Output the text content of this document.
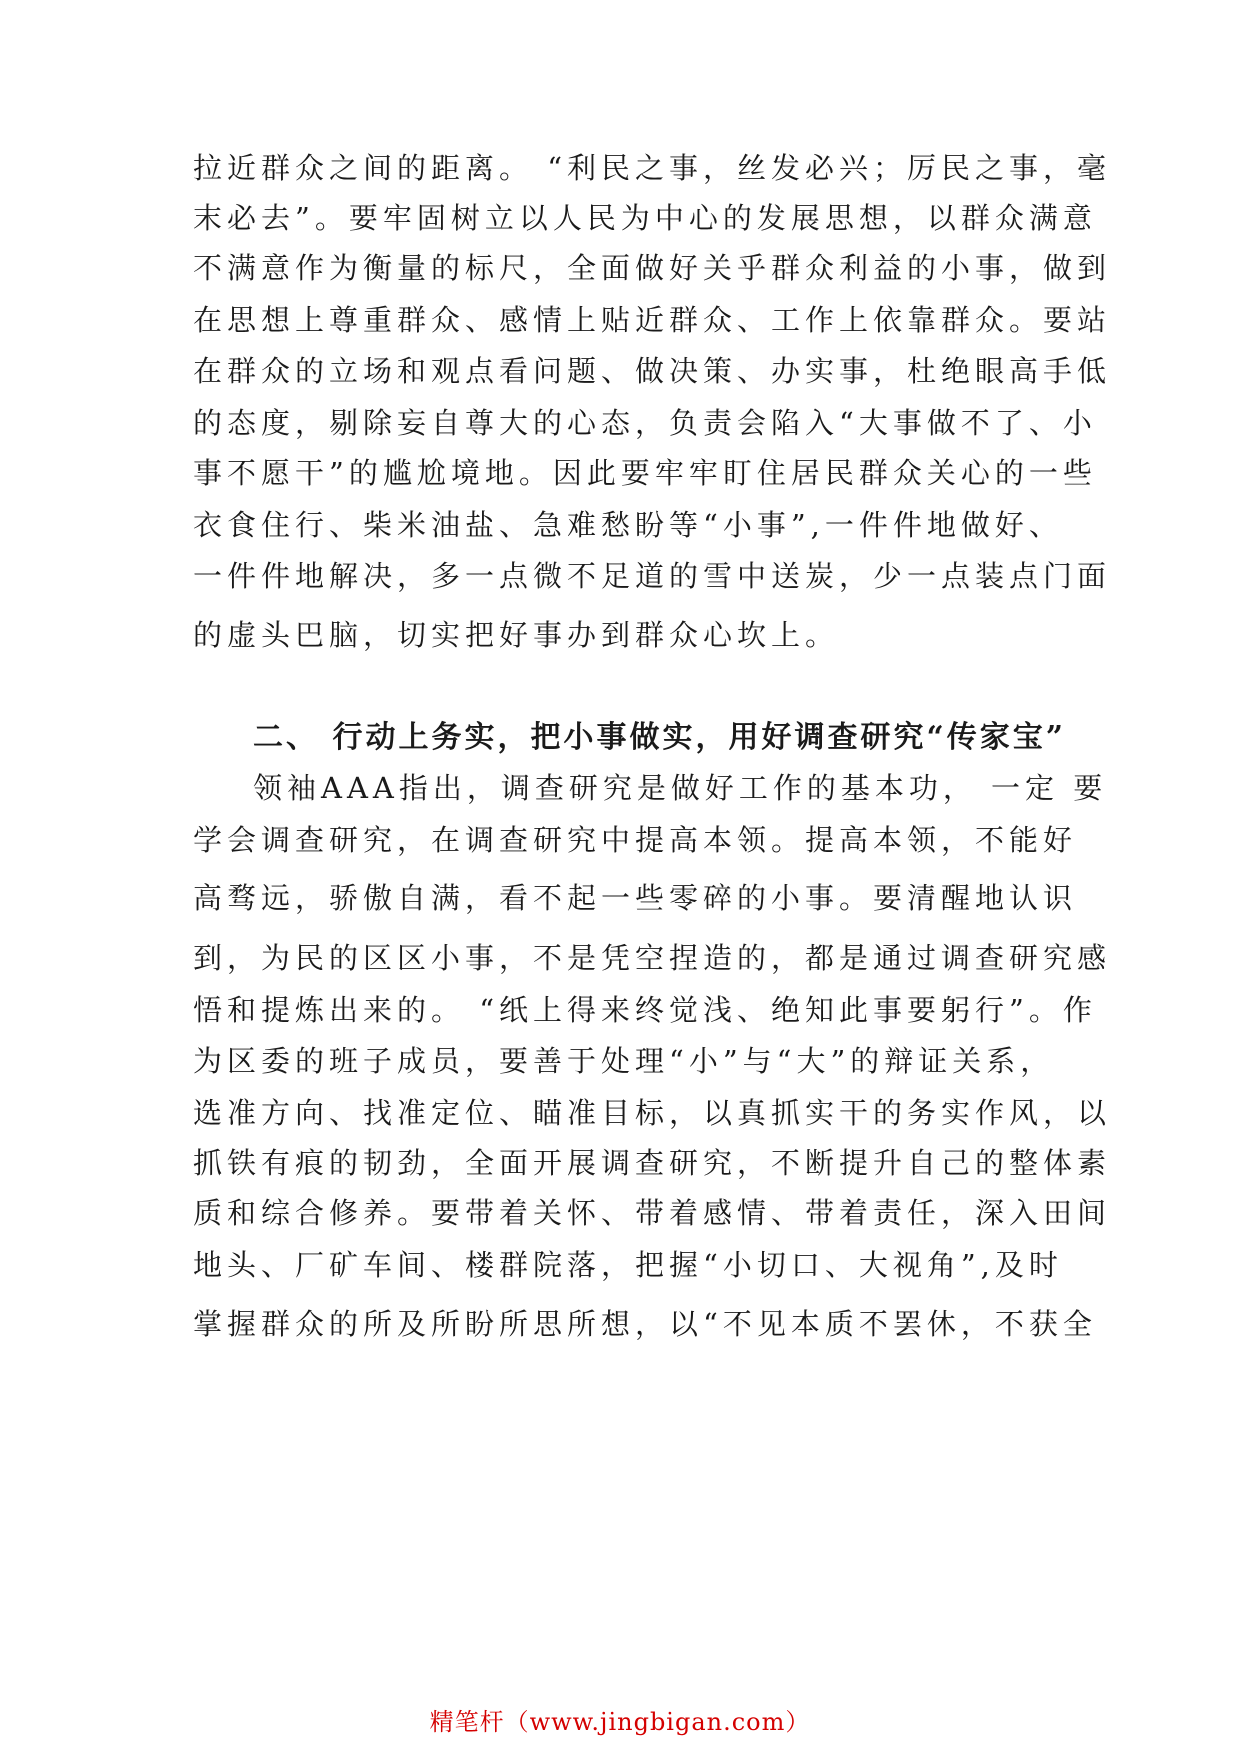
拉近群众之间的距离。 “利民之事，丝发必兴；厉民之事，毫
末必去”。要牢固树立以人民为中心的发展思想，以群众满意
不满意作为衡量的标尺，全面做好关乎群众利益的小事，做到
在思想上尊重群众、感情上贴近群众、工作上依靠群众。要站
在群众的立场和观点看问题、做决策、办实事，杜绝眼高手低
的态度，剔除妄自尊大的心态，负责会陷入“大事做不了、小
事不愿干”的尴尬境地。因此要牢牢盯住居民群众关心的一些
衣食住行、柴米油盐、急难愁盼等“小事”,一件件地做好、
一件件地解决，多一点微不足道的雪中送炭，少一点装点门面
的虚头巴脑，切实把好事办到群众心坎上。
二、 行动上务实，把小事做实，用好调查研究“传家宝”
领袖AAA指出，调查研究是做好工作的基本功， 一定 要
学会调查研究，在调查研究中提高本领。提高本领，不能好
高骛远，骄傲自满，看不起一些零碎的小事。要清醒地认识
到，为民的区区小事，不是凭空捏造的，都是通过调查研究感
悟和提炼出来的。 “纸上得来终觉浅、绝知此事要躬行”。作
为区委的班子成员，要善于处理“小”与“大”的辩证关系，
选准方向、找准定位、瞄准目标，以真抓实干的务实作风，以
抓铁有痕的韧劲，全面开展调查研究，不断提升自己的整体素
质和综合修养。要带着关怀、带着感情、带着责任，深入田间
地头、厂矿车间、楼群院落，把握“小切口、大视角”,及时
掌握群众的所及所盼所思所想，以“不见本质不罢休，不获全
精笔杆（www.jingbigan.com）
